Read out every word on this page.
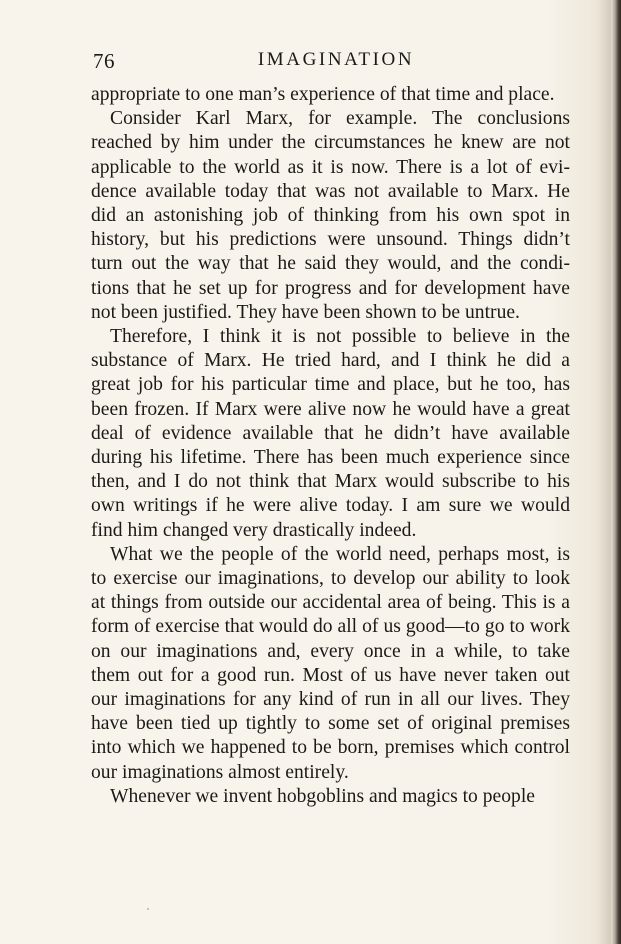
76	IMAGINATION
appropriate to one man’s experience of that time and place.
Consider Karl Marx, for example. The conclusions
reached by him under the circumstances he knew are not
applicable to the world as it is now. There is a lot of evi-
dence available today that was not available to Marx. He
did an astonishing job of thinking from his own spot in
history, but his predictions were unsound. Things didn’t
turn out the way that he said they would, and the condi-
tions that he set up for progress and for development have
not been justified. They have been shown to be untrue.
Therefore, I think it is not possible to believe in the
substance of Marx. He tried hard, and I think he did a
great job for his particular time and place, but he too, has
been frozen. If Marx were alive now he would have a great
deal of evidence available that he didn’t have available
during his lifetime. There has been much experience since
then, and I do not think that Marx would subscribe to his
own writings if he were alive today. I am sure we would
find him changed very drastically indeed.
What we the people of the world need, perhaps most, is
to exercise our imaginations, to develop our ability to look
at things from outside our accidental area of being. This is a
form of exercise that would do all of us good—to go to work
on our imaginations and, every once in a while, to take
them out for a good run. Most of us have never taken out
our imaginations for any kind of run in all our lives. They
have been tied up tightly to some set of original premises
into which we happened to be born, premises which control
our imaginations almost entirely.
Whenever we invent hobgoblins and magics to people
